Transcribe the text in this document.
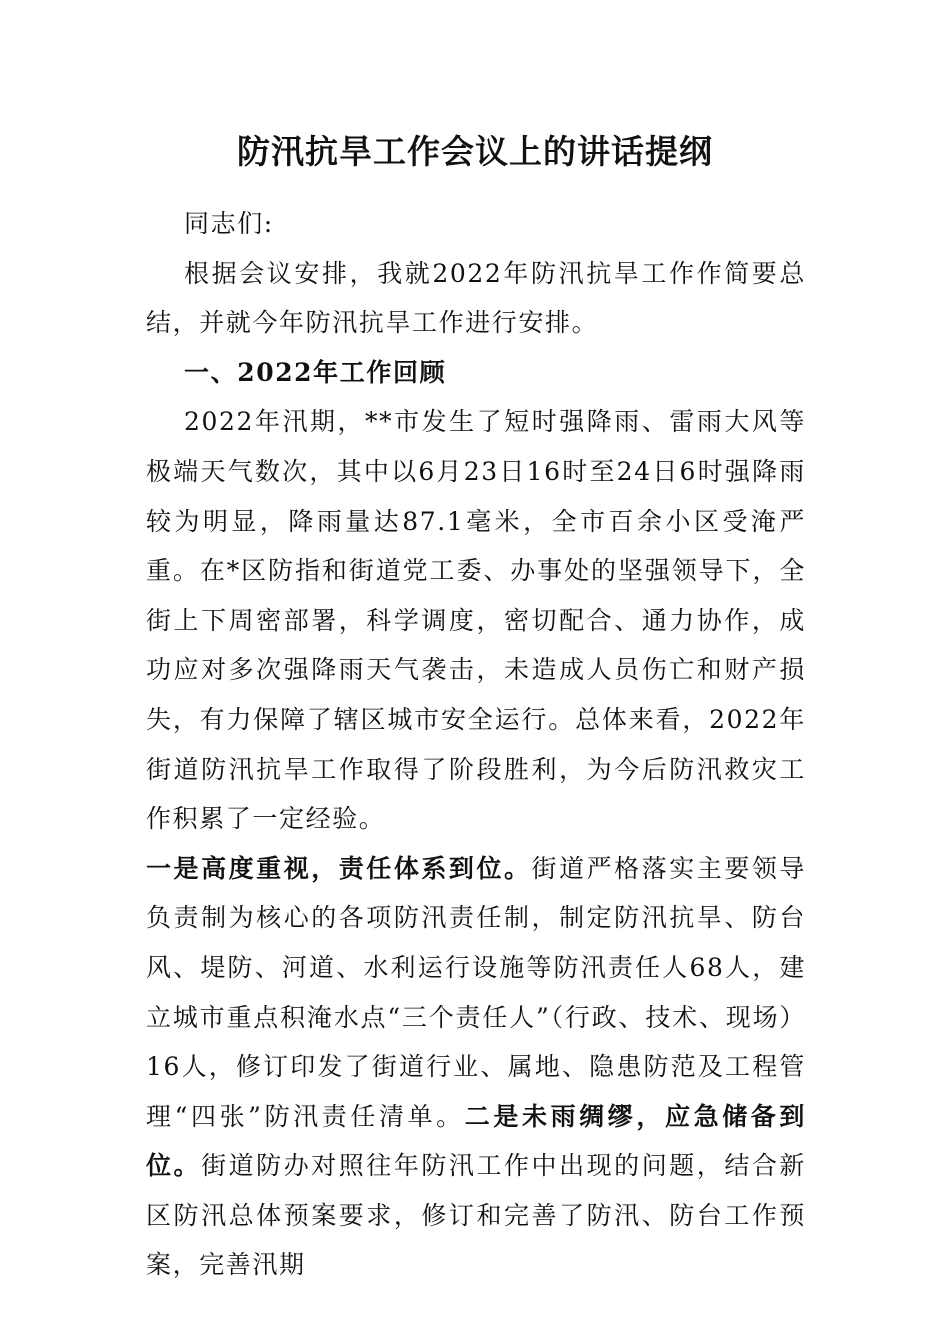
防汛抗旱工作会议上的讲话提纲

同志们:

根据会议安排，我就2022年防汛抗旱工作作简要总结，并就今年防汛抗旱工作进行安排。

一、2022年工作回顾

2022年汛期，**市发生了短时强降雨、雷雨大风等极端天气数次，其中以6月23日16时至24日6时强降雨较为明显，降雨量达87.1毫米，全市百余小区受淹严重。在*区防指和街道党工委、办事处的坚强领导下，全街上下周密部署，科学调度，密切配合、通力协作，成功应对多次强降雨天气袭击，未造成人员伤亡和财产损失，有力保障了辖区城市安全运行。总体来看，2022年街道防汛抗旱工作取得了阶段胜利，为今后防汛救灾工作积累了一定经验。

一是高度重视，责任体系到位。街道严格落实主要领导负责制为核心的各项防汛责任制，制定防汛抗旱、防台风、堤防、河道、水利运行设施等防汛责任人68人，建立城市重点积淹水点“三个责任人”（行政、技术、现场）16人，修订印发了街道行业、属地、隐患防范及工程管理“四张”防汛责任清单。二是未雨绸缪，应急储备到位。街道防办对照往年防汛工作中出现的问题，结合新区防汛总体预案要求，修订和完善了防汛、防台工作预案，完善汛期
